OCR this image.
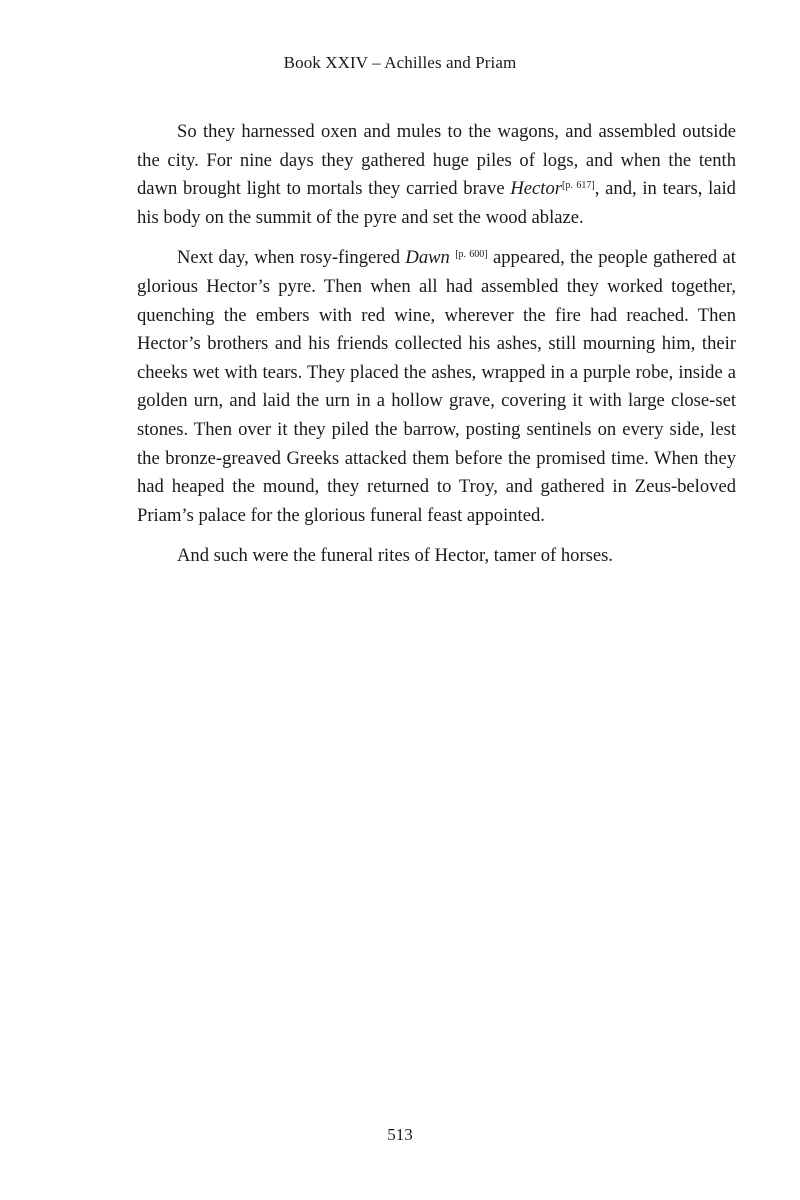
Book XXIV – Achilles and Priam

So they harnessed oxen and mules to the wagons, and assembled outside the city. For nine days they gathered huge piles of logs, and when the tenth dawn brought light to mortals they carried brave Hector[p. 617], and, in tears, laid his body on the summit of the pyre and set the wood ablaze.

Next day, when rosy-fingered Dawn [p. 600] appeared, the people gathered at glorious Hector’s pyre. Then when all had assembled they worked together, quenching the embers with red wine, wherever the fire had reached. Then Hector’s brothers and his friends collected his ashes, still mourning him, their cheeks wet with tears. They placed the ashes, wrapped in a purple robe, inside a golden urn, and laid the urn in a hollow grave, covering it with large close-set stones. Then over it they piled the barrow, posting sentinels on every side, lest the bronze-greaved Greeks attacked them before the promised time. When they had heaped the mound, they returned to Troy, and gathered in Zeus-beloved Priam’s palace for the glorious funeral feast appointed.

And such were the funeral rites of Hector, tamer of horses.

513
